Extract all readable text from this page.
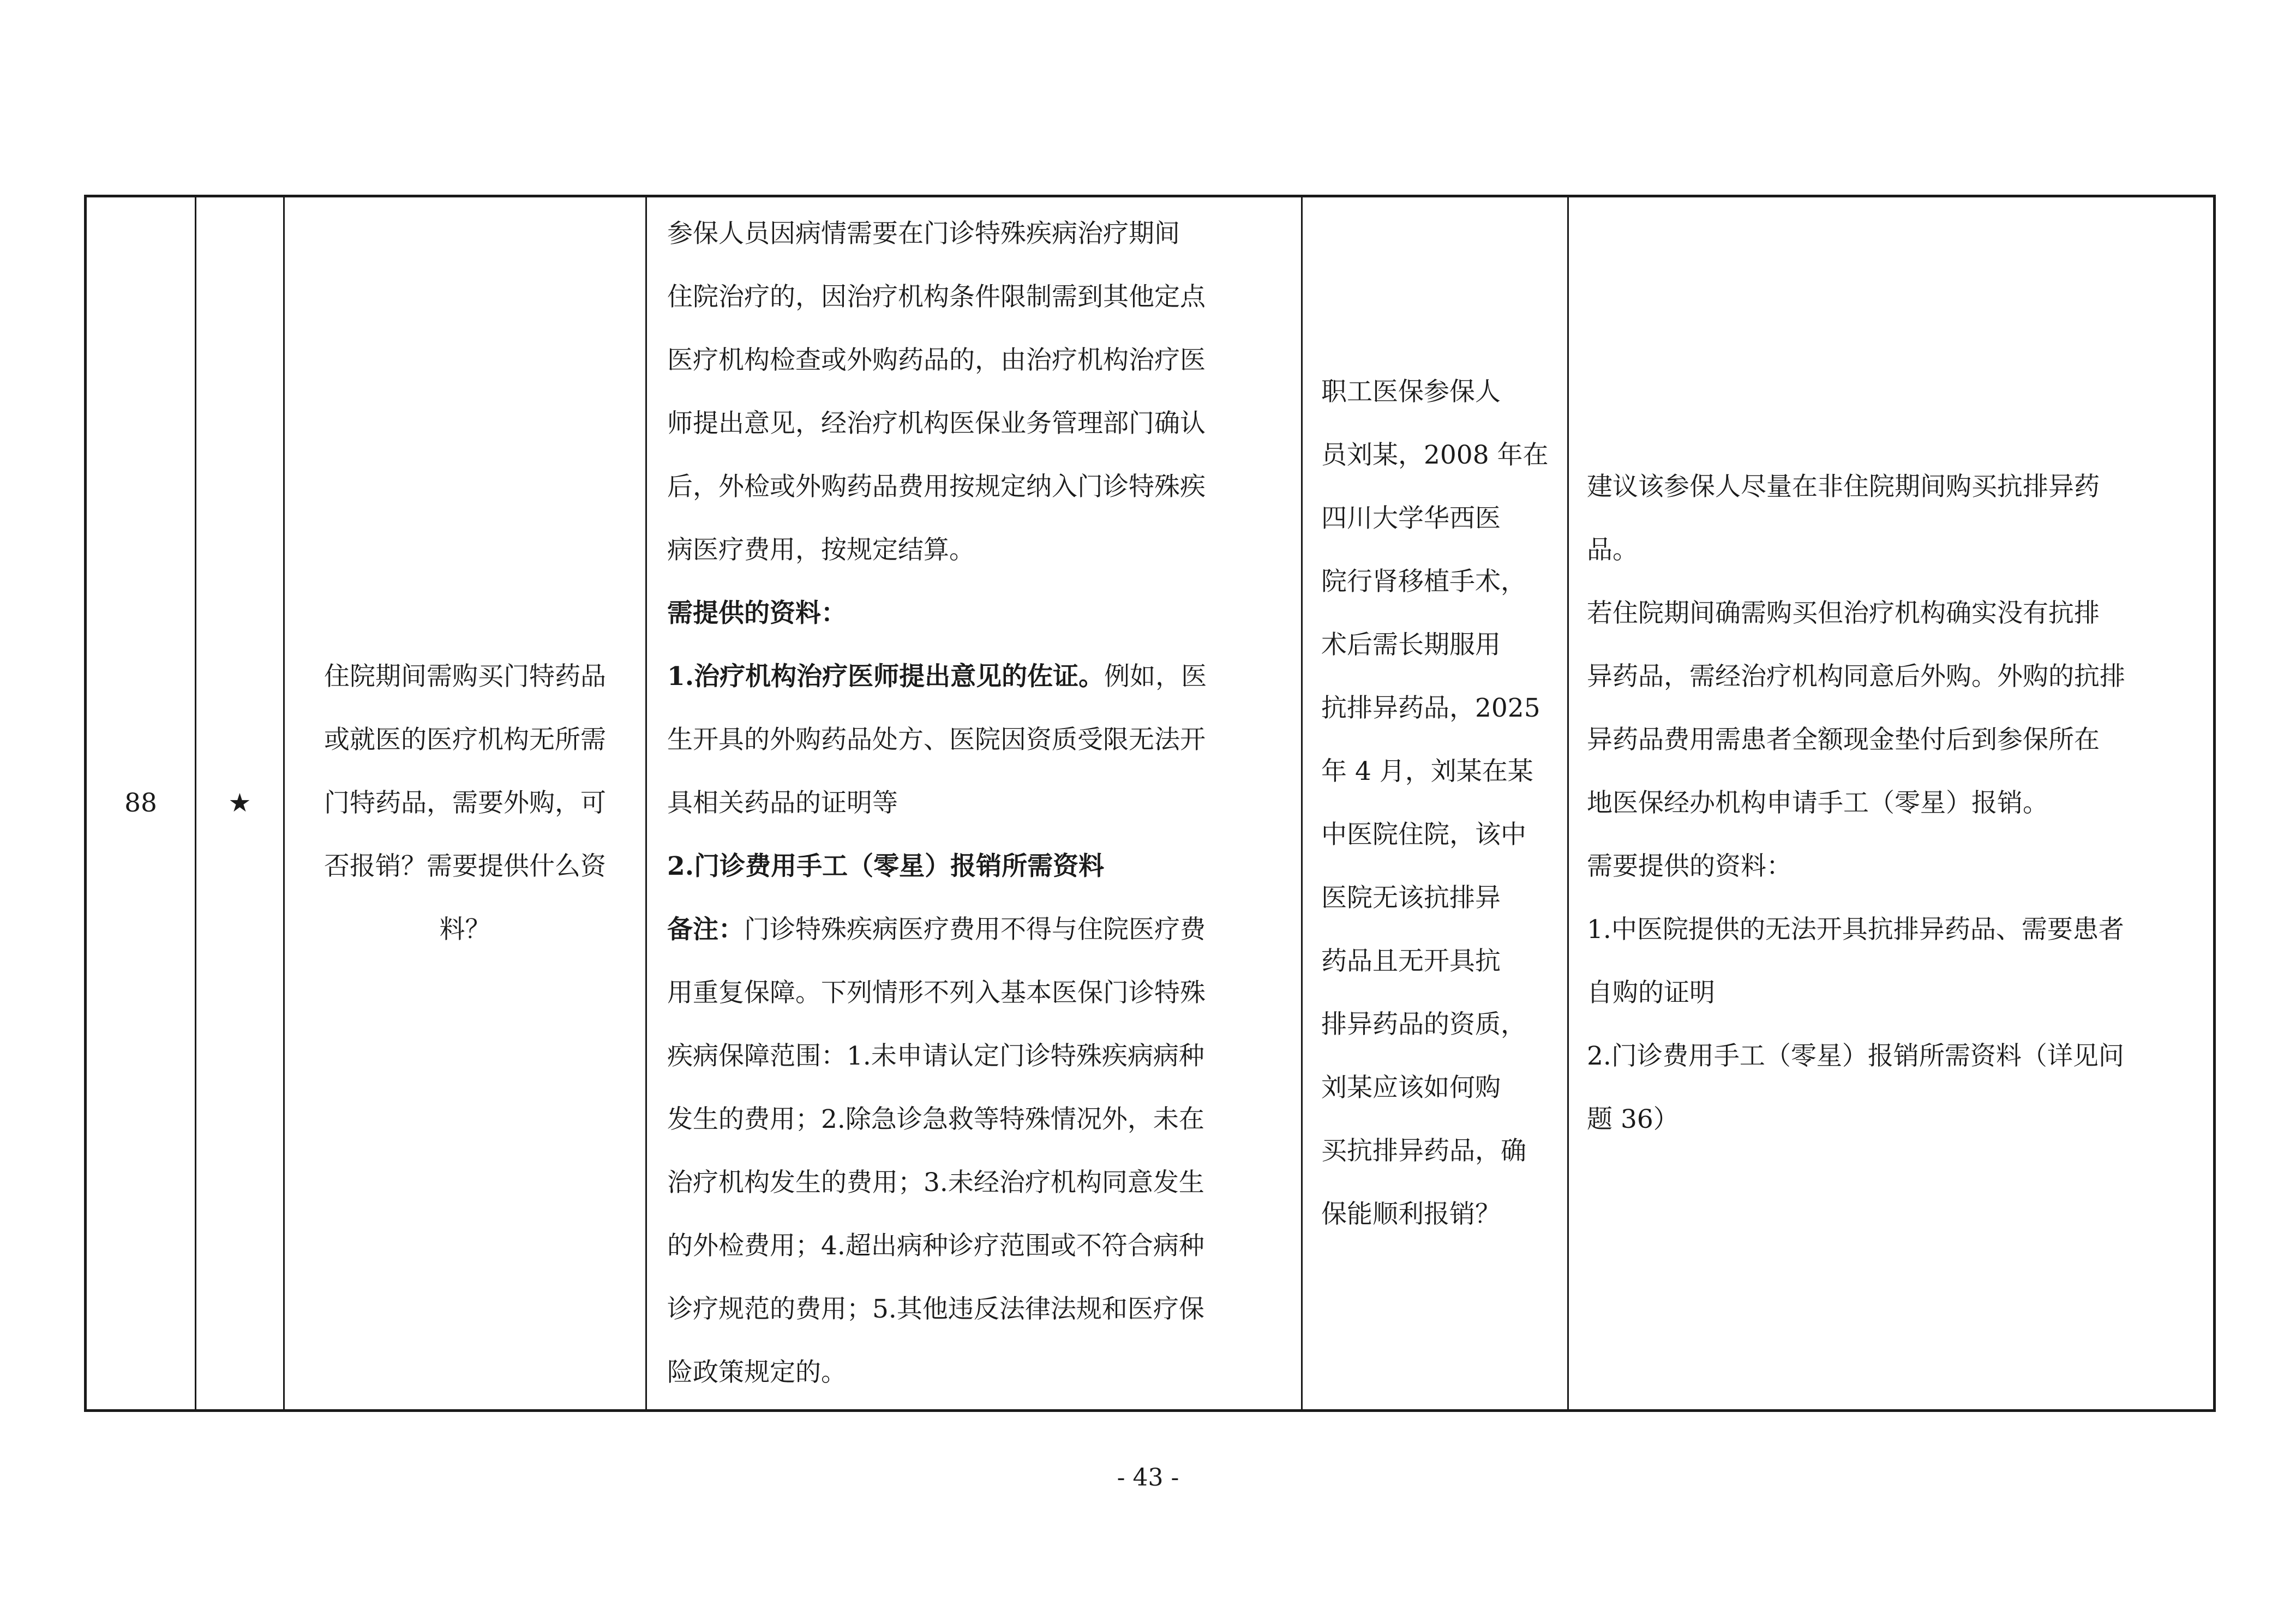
88	★

住院期间需购买门特药品

或就医的医疗机构无所需

门特药品，需要外购，可

否报销？需要提供什么资

料？

参保人员因病情需要在门诊特殊疾病治疗期间

住院治疗的，因治疗机构条件限制需到其他定点

医疗机构检查或外购药品的，由治疗机构治疗医

师提出意见，经治疗机构医保业务管理部门确认

后，外检或外购药品费用按规定纳入门诊特殊疾

病医疗费用，按规定结算。

需提供的资料：

1.治疗机构治疗医师提出意见的佐证。例如，医

生开具的外购药品处方、医院因资质受限无法开

具相关药品的证明等

2.门诊费用手工（零星）报销所需资料

备注：门诊特殊疾病医疗费用不得与住院医疗费

用重复保障。下列情形不列入基本医保门诊特殊

疾病保障范围：1.未申请认定门诊特殊疾病病种

发生的费用；2.除急诊急救等特殊情况外，未在

治疗机构发生的费用；3.未经治疗机构同意发生

的外检费用；4.超出病种诊疗范围或不符合病种

诊疗规范的费用；5.其他违反法律法规和医疗保

险政策规定的。

职工医保参保人

员刘某，2008 年在

四川大学华西医

院行肾移植手术，

术后需长期服用

抗排异药品，2025

年 4 月，刘某在某

中医院住院，该中

医院无该抗排异

药品且无开具抗

排异药品的资质，

刘某应该如何购

买抗排异药品，确

保能顺利报销？

建议该参保人尽量在非住院期间购买抗排异药

品。

若住院期间确需购买但治疗机构确实没有抗排

异药品，需经治疗机构同意后外购。外购的抗排

异药品费用需患者全额现金垫付后到参保所在

地医保经办机构申请手工（零星）报销。

需要提供的资料：

1.中医院提供的无法开具抗排异药品、需要患者

自购的证明

2.门诊费用手工（零星）报销所需资料（详见问

题 36）

- 43 -
